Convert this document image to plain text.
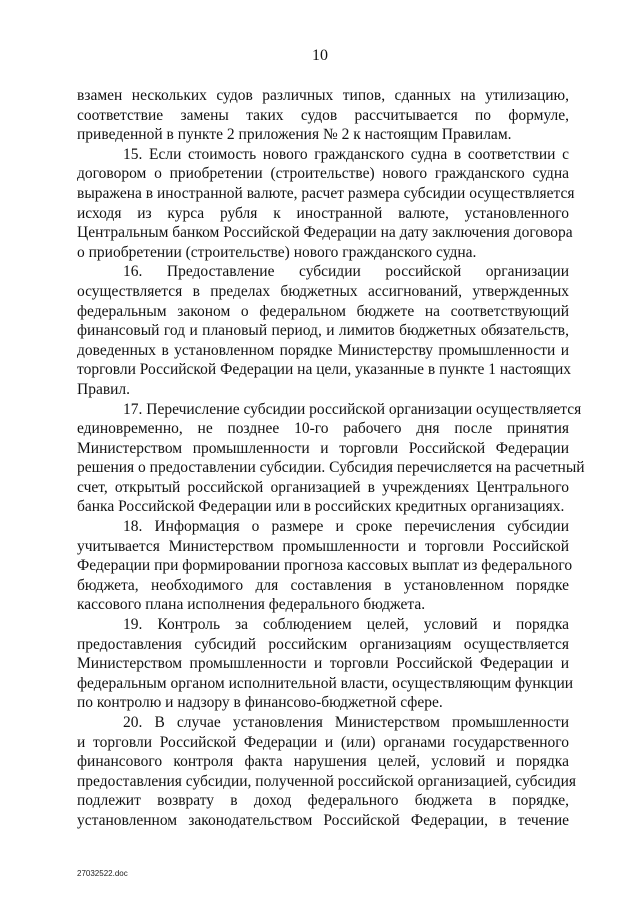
10
взамен нескольких судов различных типов, сданных на утилизацию,
соответствие замены таких судов рассчитывается по формуле,
приведенной в пункте 2 приложения № 2 к настоящим Правилам.
15. Если стоимость нового гражданского судна в соответствии с
договором о приобретении (строительстве) нового гражданского судна
выражена в иностранной валюте, расчет размера субсидии осуществляется
исходя из курса рубля к иностранной валюте, установленного
Центральным банком Российской Федерации на дату заключения договора
о приобретении (строительстве) нового гражданского судна.
16. Предоставление субсидии российской организации
осуществляется в пределах бюджетных ассигнований, утвержденных
федеральным законом о федеральном бюджете на соответствующий
финансовый год и плановый период, и лимитов бюджетных обязательств,
доведенных в установленном порядке Министерству промышленности и
торговли Российской Федерации на цели, указанные в пункте 1 настоящих
Правил.
17. Перечисление субсидии российской организации осуществляется
единовременно, не позднее 10-го рабочего дня после принятия
Министерством промышленности и торговли Российской Федерации
решения о предоставлении субсидии. Субсидия перечисляется на расчетный
счет, открытый российской организацией в учреждениях Центрального
банка Российской Федерации или в российских кредитных организациях.
18. Информация о размере и сроке перечисления субсидии
учитывается Министерством промышленности и торговли Российской
Федерации при формировании прогноза кассовых выплат из федерального
бюджета, необходимого для составления в установленном порядке
кассового плана исполнения федерального бюджета.
19. Контроль за соблюдением целей, условий и порядка
предоставления субсидий российским организациям осуществляется
Министерством промышленности и торговли Российской Федерации и
федеральным органом исполнительной власти, осуществляющим функции
по контролю и надзору в финансово-бюджетной сфере.
20. В случае установления Министерством промышленности
и торговли Российской Федерации и (или) органами государственного
финансового контроля факта нарушения целей, условий и порядка
предоставления субсидии, полученной российской организацией, субсидия
подлежит возврату в доход федерального бюджета в порядке,
установленном законодательством Российской Федерации, в течение
27032522.doc
